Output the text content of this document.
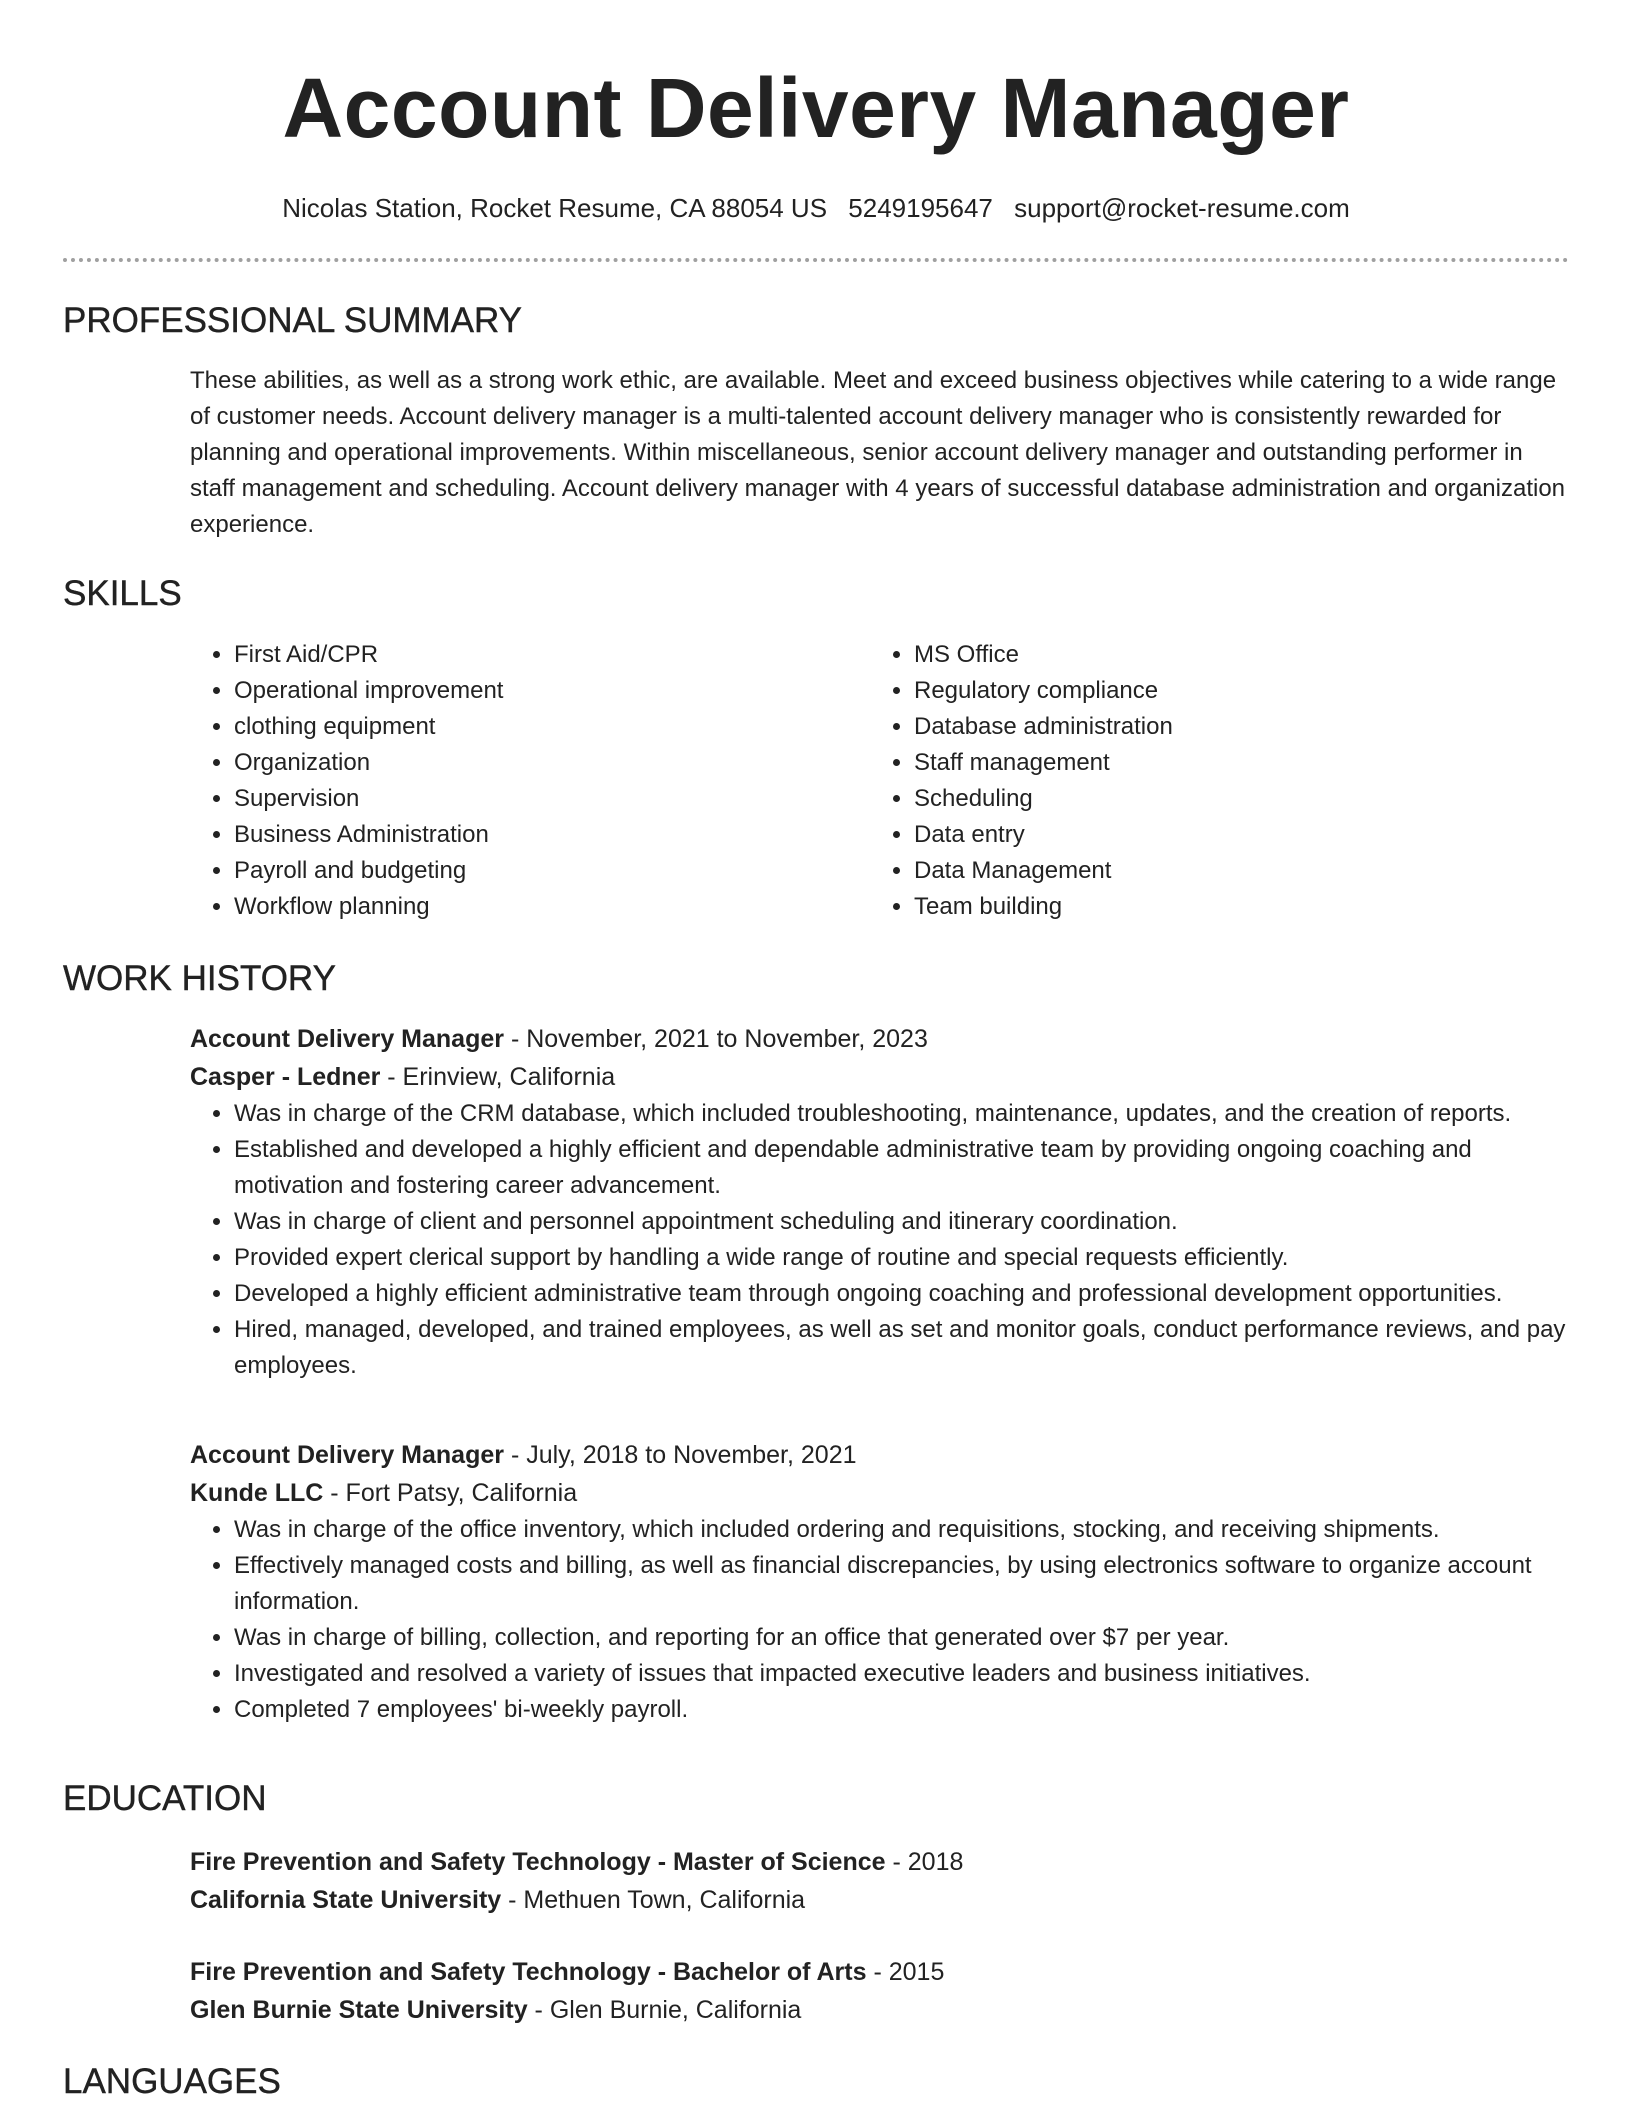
Account Delivery Manager
Nicolas Station, Rocket Resume, CA 88054 US 5249195647 support@rocket-resume.com
PROFESSIONAL SUMMARY
These abilities, as well as a strong work ethic, are available. Meet and exceed business objectives while catering to a wide range of customer needs. Account delivery manager is a multi-talented account delivery manager who is consistently rewarded for planning and operational improvements. Within miscellaneous, senior account delivery manager and outstanding performer in staff management and scheduling. Account delivery manager with 4 years of successful database administration and organization experience.
SKILLS
• First Aid/CPR
• Operational improvement
• clothing equipment
• Organization
• Supervision
• Business Administration
• Payroll and budgeting
• Workflow planning
• MS Office
• Regulatory compliance
• Database administration
• Staff management
• Scheduling
• Data entry
• Data Management
• Team building
WORK HISTORY
Account Delivery Manager - November, 2021 to November, 2023
Casper - Ledner - Erinview, California
• Was in charge of the CRM database, which included troubleshooting, maintenance, updates, and the creation of reports.
• Established and developed a highly efficient and dependable administrative team by providing ongoing coaching and motivation and fostering career advancement.
• Was in charge of client and personnel appointment scheduling and itinerary coordination.
• Provided expert clerical support by handling a wide range of routine and special requests efficiently.
• Developed a highly efficient administrative team through ongoing coaching and professional development opportunities.
• Hired, managed, developed, and trained employees, as well as set and monitor goals, conduct performance reviews, and pay employees.
Account Delivery Manager - July, 2018 to November, 2021
Kunde LLC - Fort Patsy, California
• Was in charge of the office inventory, which included ordering and requisitions, stocking, and receiving shipments.
• Effectively managed costs and billing, as well as financial discrepancies, by using electronics software to organize account information.
• Was in charge of billing, collection, and reporting for an office that generated over $7 per year.
• Investigated and resolved a variety of issues that impacted executive leaders and business initiatives.
• Completed 7 employees' bi-weekly payroll.
EDUCATION
Fire Prevention and Safety Technology - Master of Science - 2018
California State University - Methuen Town, California
Fire Prevention and Safety Technology - Bachelor of Arts - 2015
Glen Burnie State University - Glen Burnie, California
LANGUAGES
